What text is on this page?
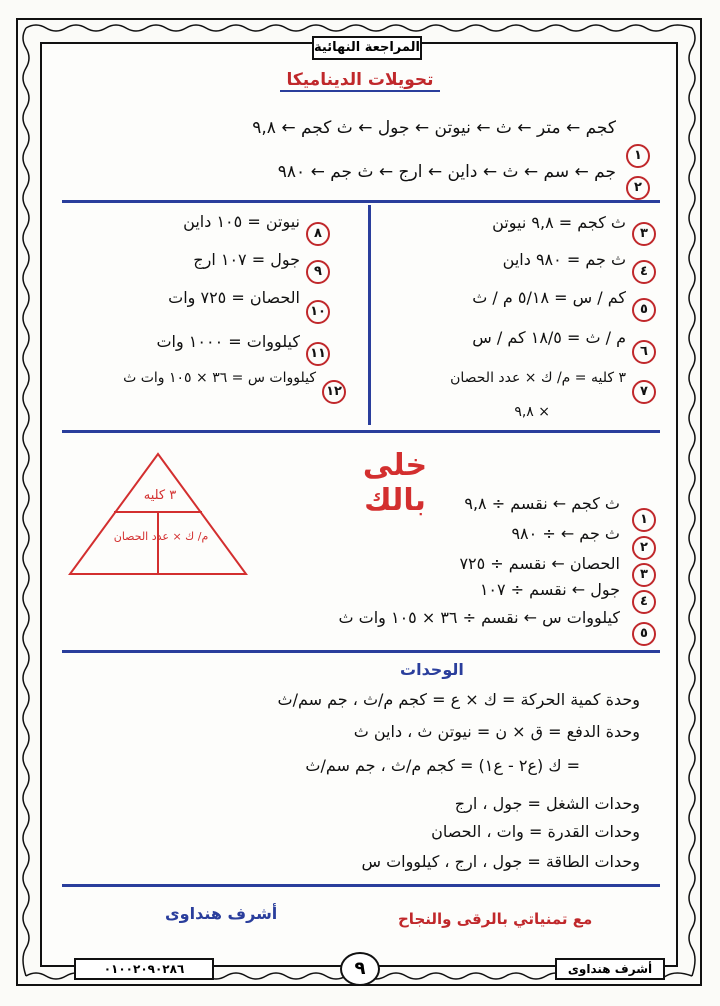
المراجعة النهائية
تحويلات الديناميكا
١
كجم ← متر ← ث ← نيوتن ← جول ← ث كجم ← ٩,٨
٢
جم ← سم ← ث ← داين ← ارج ← ث جم ← ٩٨٠
٣
ث كجم = ٩,٨ نيوتن
٤
ث جم = ٩٨٠ داين
٥
كم / س = ٥/١٨ م / ث
٦
م / ث = ١٨/٥ كم / س
٧
٣ كليه = م/ ك × عدد الحصان
× ٩,٨
٨
نيوتن = ١٠٥ داين
٩
جول = ١٠٧ ارج
١٠
الحصان = ٧٢٥ وات
١١
كيلووات = ١٠٠٠ وات
١٢
كيلووات س = ٣٦ × ١٠٥ وات ث
خلى بالك
٣ كليه
م/ ك × عدد الحصان
١
ث كجم ← نقسم ÷ ٩,٨
٢
ث جم ← ÷ ٩٨٠
٣
الحصان ← نقسم ÷ ٧٢٥
٤
جول ← نقسم ÷ ١٠٧
٥
كيلووات س ← نقسم ÷ ٣٦ × ١٠٥ وات ث
الوحدات
وحدة كمية الحركة = ك × ع = كجم م/ث ، جم سم/ث
وحدة الدفع = ق × ن = نيوتن ث ، داين ث
= ك (ع٢ - ع١) = كجم م/ث ، جم سم/ث
وحدات الشغل = جول ، ارج
وحدات القدرة = وات ، الحصان
وحدات الطاقة = جول ، ارج ، كيلووات س
أشرف هنداوى	مع تمنياتي بالرقى والنجاح
٠١٠٠٢٠٩٠٢٨٦	٩	أشرف هنداوى
